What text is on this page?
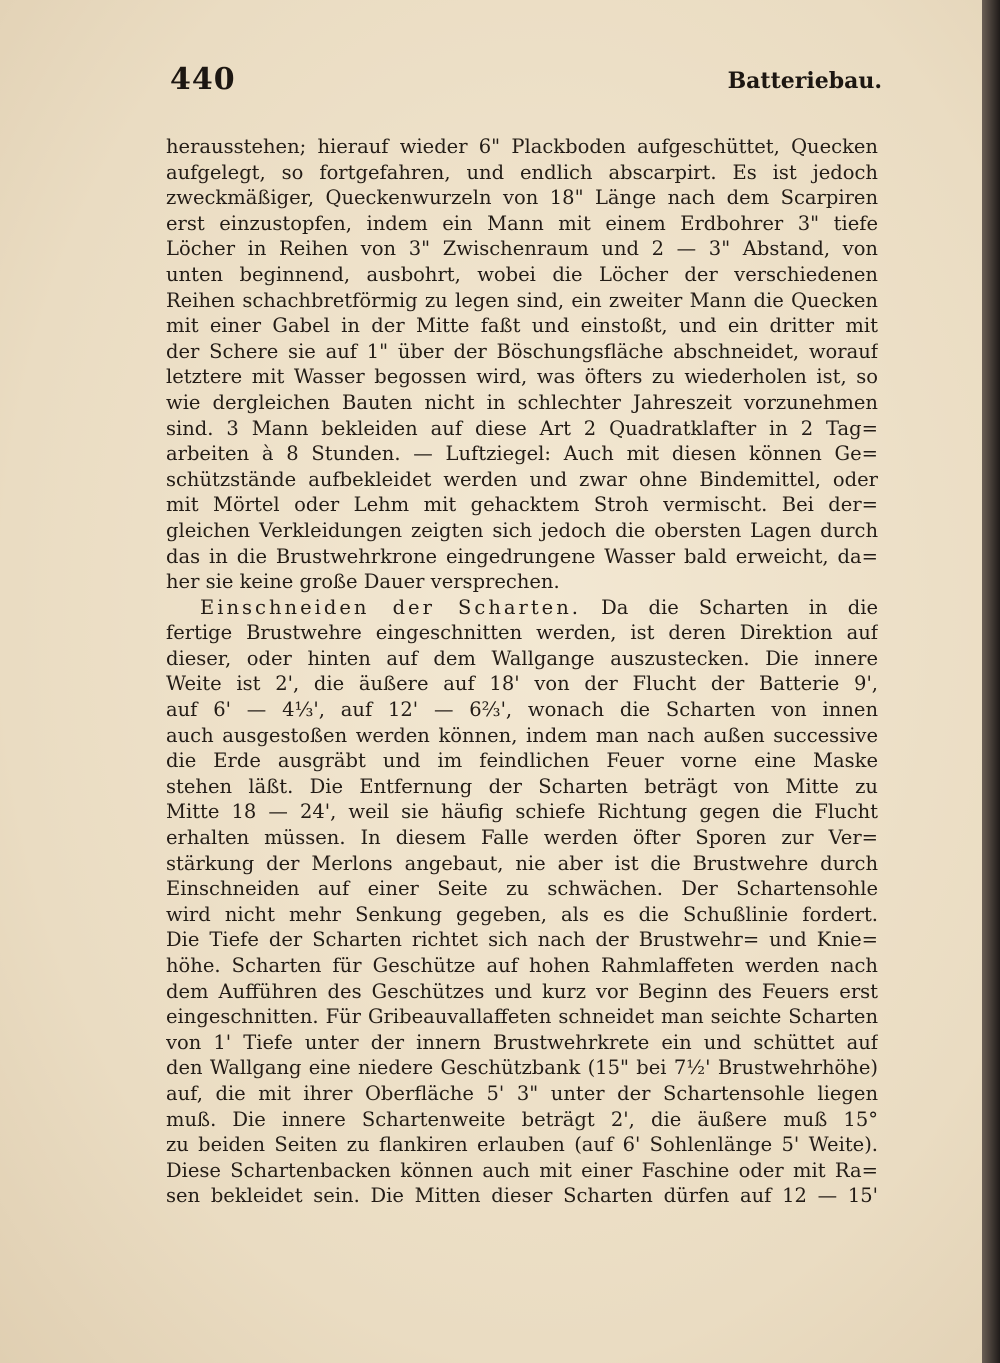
440	Batteriebau.
herausstehen; hierauf wieder 6" Plackboden aufgeschüttet, Quecken
aufgelegt, so fortgefahren, und endlich abscarpirt. Es ist jedoch
zweckmäßiger, Queckenwurzeln von 18" Länge nach dem Scarpiren
erst einzustopfen, indem ein Mann mit einem Erdbohrer 3" tiefe
Löcher in Reihen von 3" Zwischenraum und 2 — 3" Abstand, von
unten beginnend, ausbohrt, wobei die Löcher der verschiedenen
Reihen schachbretförmig zu legen sind, ein zweiter Mann die Quecken
mit einer Gabel in der Mitte faßt und einstoßt, und ein dritter mit
der Schere sie auf 1" über der Böschungsfläche abschneidet, worauf
letztere mit Wasser begossen wird, was öfters zu wiederholen ist, so
wie dergleichen Bauten nicht in schlechter Jahreszeit vorzunehmen
sind. 3 Mann bekleiden auf diese Art 2 Quadratklafter in 2 Tag=
arbeiten à 8 Stunden. — Luftziegel: Auch mit diesen können Ge=
schützstände aufbekleidet werden und zwar ohne Bindemittel, oder
mit Mörtel oder Lehm mit gehacktem Stroh vermischt. Bei der=
gleichen Verkleidungen zeigten sich jedoch die obersten Lagen durch
das in die Brustwehrkrone eingedrungene Wasser bald erweicht, da=
her sie keine große Dauer versprechen.
Einschneiden der Scharten. Da die Scharten in die
fertige Brustwehre eingeschnitten werden, ist deren Direktion auf
dieser, oder hinten auf dem Wallgange auszustecken. Die innere
Weite ist 2', die äußere auf 18' von der Flucht der Batterie 9',
auf 6' — 4⅓', auf 12' — 6⅔', wonach die Scharten von innen
auch ausgestoßen werden können, indem man nach außen successive
die Erde ausgräbt und im feindlichen Feuer vorne eine Maske
stehen läßt. Die Entfernung der Scharten beträgt von Mitte zu
Mitte 18 — 24', weil sie häufig schiefe Richtung gegen die Flucht
erhalten müssen. In diesem Falle werden öfter Sporen zur Ver=
stärkung der Merlons angebaut, nie aber ist die Brustwehre durch
Einschneiden auf einer Seite zu schwächen. Der Schartensohle
wird nicht mehr Senkung gegeben, als es die Schußlinie fordert.
Die Tiefe der Scharten richtet sich nach der Brustwehr= und Knie=
höhe. Scharten für Geschütze auf hohen Rahmlaffeten werden nach
dem Aufführen des Geschützes und kurz vor Beginn des Feuers erst
eingeschnitten. Für Gribeauvallaffeten schneidet man seichte Scharten
von 1' Tiefe unter der innern Brustwehrkrete ein und schüttet auf
den Wallgang eine niedere Geschützbank (15" bei 7½' Brustwehrhöhe)
auf, die mit ihrer Oberfläche 5' 3" unter der Schartensohle liegen
muß. Die innere Schartenweite beträgt 2', die äußere muß 15°
zu beiden Seiten zu flankiren erlauben (auf 6' Sohlenlänge 5' Weite).
Diese Schartenbacken können auch mit einer Faschine oder mit Ra=
sen bekleidet sein. Die Mitten dieser Scharten dürfen auf 12 — 15'
